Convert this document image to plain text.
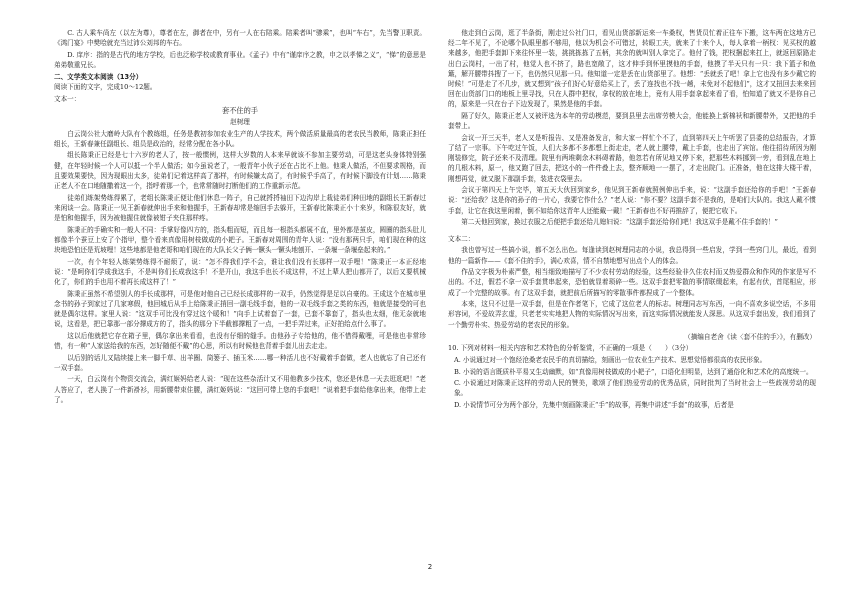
C. 古人乘车尚左（以左为尊），尊者在左，御者在中，另有一人在右陪乘。陪乘者叫“骖乘”，也叫“车右”，先当警卫职责。《鸿门宴》中樊哙就充当过沛公刘邦的车右。

D. 庠序：指的是古代的地方学校，后也泛称学校或教育事业。《孟子》中有“谨庠序之教，申之以孝悌之义”，“悌”的意思是弟弟敬重兄长。

二、文学类文本阅读（13分）

阅读下面的文字，完成10～12题。

文本一：

套不住的手

赵树理

白云岗公社大磨岭大队有个教练组，任务是教初参加农业生产的人学技术，两个做活质量最高的老农民当教师，陈秉正担任组长，王新春兼任副组长、组员是政治的，经常分配在各小队。

组长陈秉正已经是七十六岁的老人了，按一般惯例，这样大岁数的人本来早就该不参加主要劳动，可是这老头身体特别强健，在年轻时候一个人可以抵一个半人做活；如今虽说老了，一般青年小伙子还在占比不上他。他秉人做活，不但要求规格，而且要效果要快，因为现眼出太多，徒弟们记着这样高了那样，有时候嫌太高了，有时候乎手高了，有时候下脚没有计划……陈秉正老人不在口地随撒着这一个，指呼着那一个，也常常随时打断他们的工作重新示范。

徒弟们练架势练得累了，老组长陈秉正便让他们休息一阵子，自己就捋捋袖田下边沟岸上栽徒弟们种田地的副组长王新春过来闲谈一会。陈秉正一见王新春就伸出手来和他握手，王新春却常是缩回手去躲开，王新春比陈秉正小十来岁，和陈很友好，就是怕和他握手，因为被他握住就像被钳子夹住那样疼。

陈秉正的手确实和一般人不同：手掌好像四方的，指头粗而短，而且每一根指头都展不直，里外都是茧皮，圆圈的指头肚儿都像半个蚕豆上安了个指甲，整个看来真像用树枝做成的小耙子。王新春对周围的青年人说：“没有那两只手，咱们现在种的这块地恐怕还是荒坡哩！这些地都是他老哥和咱们现在的大队长父子俩一镢头一镢头地刨开、一条堰一条堰垒起来的。”

一次，有个年轻人练架势练得不耐烦了，说：“怎不得我们学不会，谁让我们没有长那样一双手哩！”陈秉正一本正经地说：“是呵你们学成我这手，不是叫你们长成我这手！不是开山，我这手也长不成这样，不过上辈人把山都开了，以后又要机械化了，你们的手也用不着再长成这样了！”

陈秉正虽然不希望别人的手长成那样，可是他对他自己已经长成那样的一双手，仍然觉得是足以自豪的。王成这个在城市里念书的孙子到家过了几家寒假，他回城后从手上给陈秉正捎回一副毛线手套，他的一双毛线手套之类的东西，他就是接受的可也就是偶尔这样。家里人说：“这双手可比没有穿过这个暖和！”向手上试着套了一套，已套不靠套了，指头也太细，他无奈就地说，这看是，把已靠那一部分撑成方的了，指头的那分下半截都撑粗了一点，一把手弄过来，正好拍给点什么事了。

这以后他就把它存在箱子里，偶尔拿出来看看，也没有仔细的缝手。由他孙子专给他的，他不惜得戴哩，可是他也非常珍惜，有一种“人家送给我的东西，怎好随便不戴”的心思，所以有时候他也背着手套儿出去走走。

以后别的话儿又陆续接上来一脚千草、出羊圈、筒篓子、插玉米……哪一种活儿也不好戴着手套做，老人也就忘了自己还有一双手套。

一天，白云岗有个物资交流会，满红姬妈给老人说：“现在这些杂活计又不用他教多少技术，您还是休息一天去逛逛吧！”老人答应了，老人换了一件新褂衫，用新腰带束住腰，满红姬妈说：“这回可带上您的手套吧！”说着把手套给他拿出来，他带上走了。

他走到白云岗，逛了半条街，刚走过公社门口，看见山货部新运来一车桑杈，售货员忙着正往车下搬，这车两在这地方已经二年不见了，不论哪个队眼里都不够用，他以为机会不可错过，转眼工夫，就来了十来个人，每人拿着一柄杈：见买杈的越来越多，他把手套卸下来往怀里一装，挑挑拣拣了五柄，其余的就叫别人拿完了。他付了钱，把杈捆起来扛上，就返回原路走出白云岗村，一出了村，他觉人也不挤了，路也宽敞了，这才伸手到怀里摸他的手套，他摸了半天只有一只：我下篮子和鱼簸，解开腰带抖搜了一下，也仍然只见那一只。他知道一定是丢在山货部里了。他想：“丢就丢了吧！拿上它也没有多少戴它的时候！”可是走了不几步，就又想到“孩子们好心好意给买上了，丢了连找也不找一趟，未免对不起他们”，这才又扭回去来来回回在山货部门口的地板上里寻找，只在人群中把杈，拿杈的放在地上，竟有人用手套拿起来看了看，怕知道了就又不是你自己的，原来是一只在台子下边发现了，果然是他的手套。

隔了好久，陈秉正老人又被评选为本年的劳动模范，要到县里去出席劳模大会，他能换上新棉袄和新腰带外，又把他的手套带上。

会议一开三天半，老人又是听报告、又是准备发言，和大家一样忙个不了，直到第四天上午听罢了县委的总结报告，才算了结了一宗事。下午吃过午饭，人们大多都不多都想上街走走，老人就上腰带，戴上手套，也走出了宾馆。他往招待所因为刚刚装修完，院子还来不及清理。院里有两堆剩余木料碍着路，他忽若有所见地又停下来，把那些木料挪到一旁，看到乱在地上的几根木料，原一，他又跑了回去，把这小的一件件叠上去，整齐顺地一一摆了，才走出院门。正准备，他在这排大楼干着，刚想再觉，就又脱下那副手套，装进衣袋里去。

会议于第四天上午完毕，第五天大伙回到家乡，他见到王新春就照例伸出手来，说：“这副手套还给你的手吧！”王新春说：“还给我？这是你的孙子的一片心，我要它作什么？”老人说：“你不要？这副手套不是我的，是咱们大队的。我这人戴不惯手套，让它在我这里闲着，倒不如给你这青年人还能戴一戴！”王新春也不好再推辞了，便把它收下。

第二天他回到家，换过衣服之后便把手套还给儿媳妇说：“这副手套还给你们吧！我这双手是戴不住手套的！”

文本二：

我也曾写过一些搞小说，都不怎么出色。每逢读到赵树理同志的小说，我总得到一些启发，学到一些窍门儿，最近，看到他的一篇新作——《套不住的手》，满心欢喜，情不自禁地想写出点个人的体会。

作品文字极为朴素严整，相当细致地描写了不少农村劳动的经验，这些经验非久住农村而又热爱群众和作风的作家是写不出的。不过，假若不拿一双手套贯串起来，恐怕就显着琐碎一些。这双手套把零散的事情联缀起来，有起有伏，首尾相应，形成了一个完整的故事。有了这双手套，就把前后所描写的零散事件都捏成了一个整体。

本来，这只不过是一双手套，但是在作者笔下，它成了这位老人的标志。树理同志写东西，一向不喜欢多说空话，不多用形容词，不爱故弄玄虚，只老老实实地把人物的实际情况写出来，而这实际情况就能发人深思。从这双手套出发，我们看到了一个勤劳朴实、热爱劳动的老农民的形象。

（摘编自老舍《读〈套不住的手〉》，有删改）

10. 下列对材料一相关内容和艺术特色的分析鉴赏，不正确的一项是（　　）（3分）

A. 小说通过对一个饱经沧桑老农民手的真切描绘，刻画出一位农业生产技术、思想觉悟都很高的农民形象。

B. 小说的语言既质朴平易又生动幽默，如“真像用树枝做成的小耙子”，口语化但明显，达到了通俗化和艺术化的高度统一。

C. 小说通过对陈秉正这样的劳动人民的赞美，歌颂了他们热爱劳动的优秀品质，同时批判了当时社会上一些歧视劳动的现象。

D. 小说情节可分为两个部分，先集中刻画陈秉正“手”的故事，再集中讲述“手套”的故事，后者是

2
